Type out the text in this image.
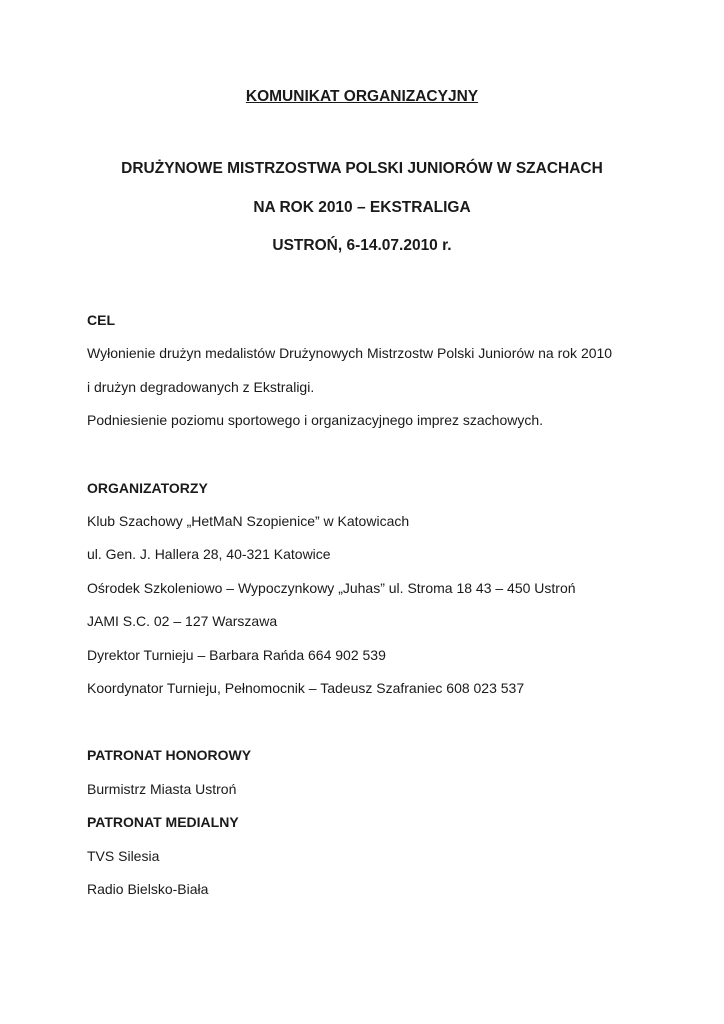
KOMUNIKAT ORGANIZACYJNY
DRUŻYNOWE MISTRZOSTWA POLSKI JUNIORÓW W SZACHACH
NA ROK 2010 – EKSTRALIGA
USTROŃ, 6-14.07.2010 r.
CEL
Wyłonienie drużyn medalistów Drużynowych Mistrzostw Polski Juniorów na rok 2010
i drużyn degradowanych z Ekstraligi.
Podniesienie poziomu sportowego i organizacyjnego imprez szachowych.
ORGANIZATORZY
Klub Szachowy „HetMaN Szopienice” w Katowicach
ul. Gen. J. Hallera 28, 40-321 Katowice
Ośrodek Szkoleniowo – Wypoczynkowy „Juhas” ul. Stroma 18 43 – 450 Ustroń
JAMI S.C. 02 – 127 Warszawa
Dyrektor Turnieju – Barbara Rańda 664 902 539
Koordynator Turnieju, Pełnomocnik – Tadeusz Szafraniec 608 023 537
PATRONAT HONOROWY
Burmistrz Miasta Ustroń
PATRONAT MEDIALNY
TVS Silesia
Radio Bielsko-Biała
